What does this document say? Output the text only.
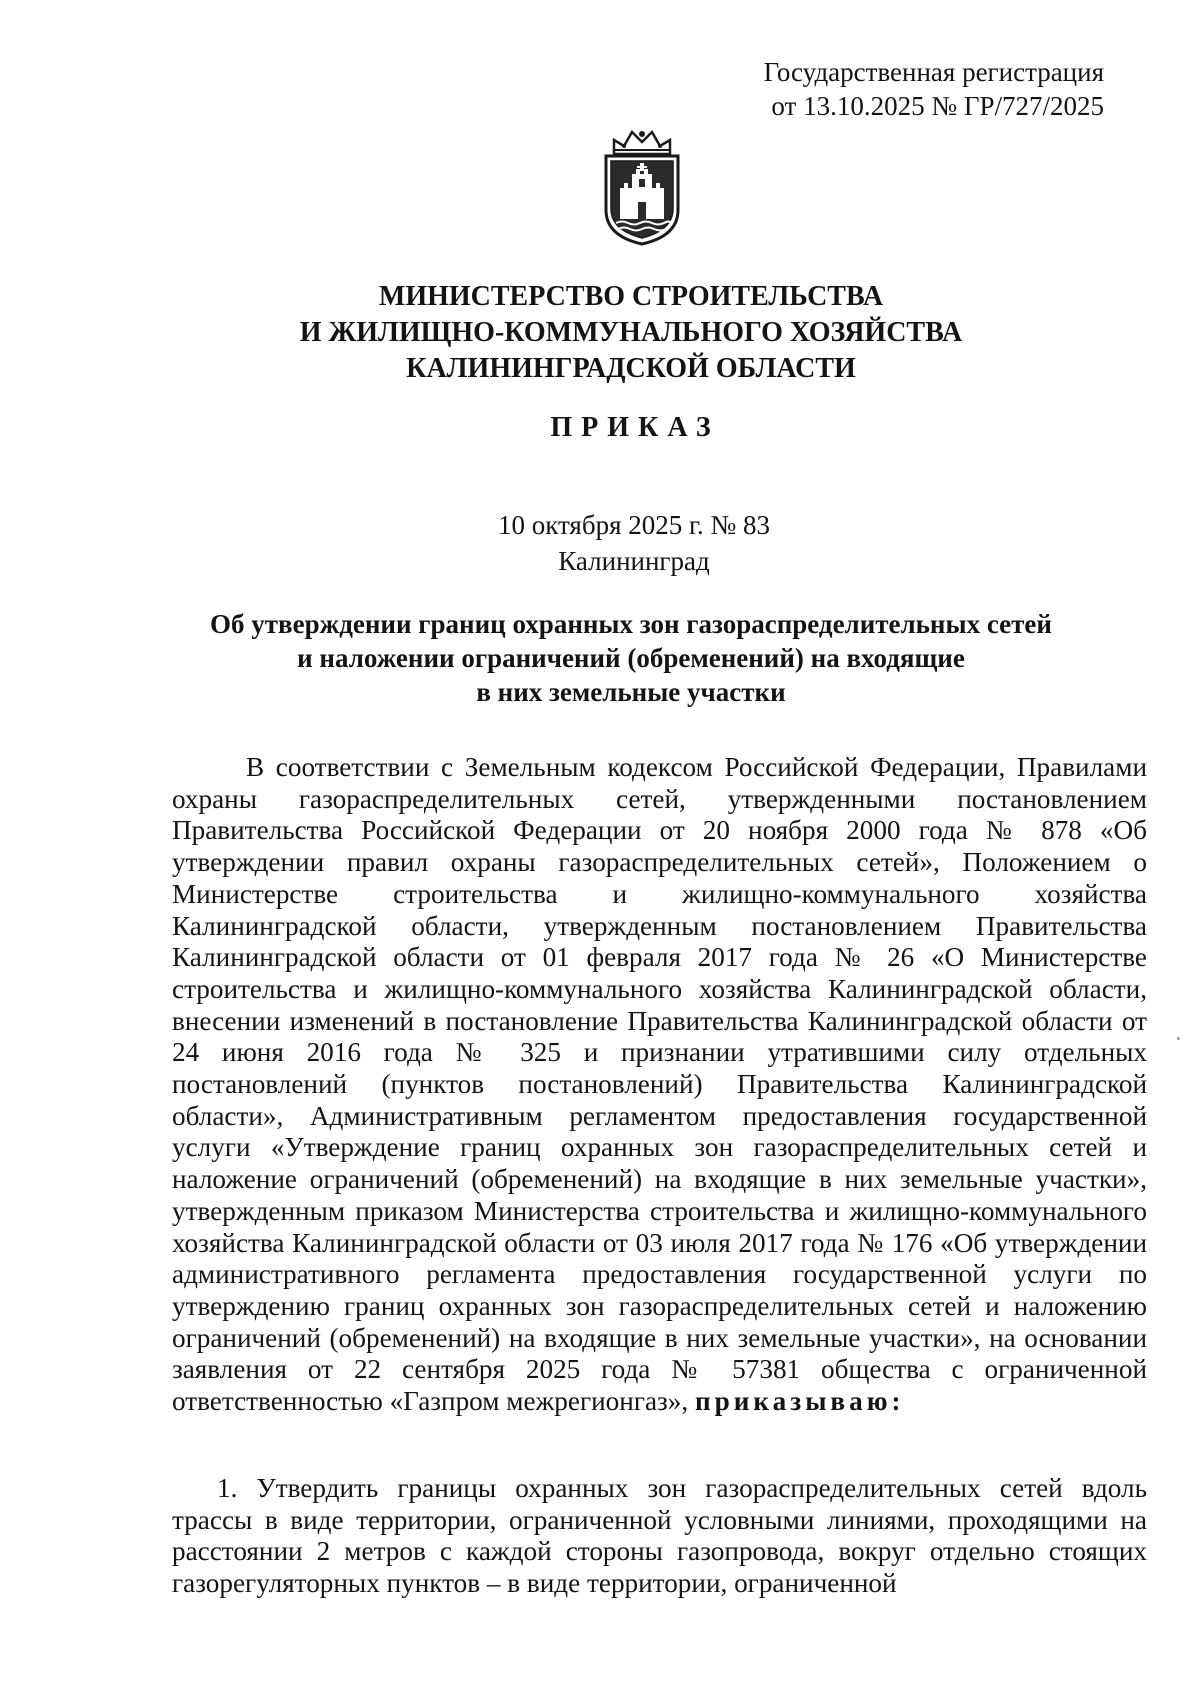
Государственная регистрация
от 13.10.2025 № ГР/727/2025
МИНИСТЕРСТВО СТРОИТЕЛЬСТВА
И ЖИЛИЩНО-КОММУНАЛЬНОГО ХОЗЯЙСТВА
КАЛИНИНГРАДСКОЙ ОБЛАСТИ
ПРИКАЗ
10 октября 2025 г. № 83
Калининград
Об утверждении границ охранных зон газораспределительных сетей
и наложении ограничений (обременений) на входящие
в них земельные участки

В соответствии с Земельным кодексом Российской Федерации, Правилами охраны газораспределительных сетей, утвержденными постановлением Правительства Российской Федерации от 20 ноября 2000 года № 878 «Об утверждении правил охраны газораспределительных сетей», Положением о Министерстве строительства и жилищно-коммунального хозяйства Калининградской области, утвержденным постановлением Правительства Калининградской области от 01 февраля 2017 года № 26 «О Министерстве строительства и жилищно-коммунального хозяйства Калининградской области, внесении изменений в постановление Правительства Калининградской области от 24 июня 2016 года № 325 и признании утратившими силу отдельных постановлений (пунктов постановлений) Правительства Калининградской области», Административным регламентом предоставления государственной услуги «Утверждение границ охранных зон газораспределительных сетей и наложение ограничений (обременений) на входящие в них земельные участки», утвержденным приказом Министерства строительства и жилищно-коммунального хозяйства Калининградской области от 03 июля 2017 года № 176 «Об утверждении административного регламента предоставления государственной услуги по утверждению границ охранных зон газораспределительных сетей и наложению ограничений (обременений) на входящие в них земельные участки», на основании заявления от 22 сентября 2025 года № 57381 общества с ограниченной ответственностью «Газпром межрегионгаз», приказываю:

1. Утвердить границы охранных зон газораспределительных сетей вдоль трассы в виде территории, ограниченной условными линиями, проходящими на расстоянии 2 метров с каждой стороны газопровода, вокруг отдельно стоящих газорегуляторных пунктов – в виде территории, ограниченной
